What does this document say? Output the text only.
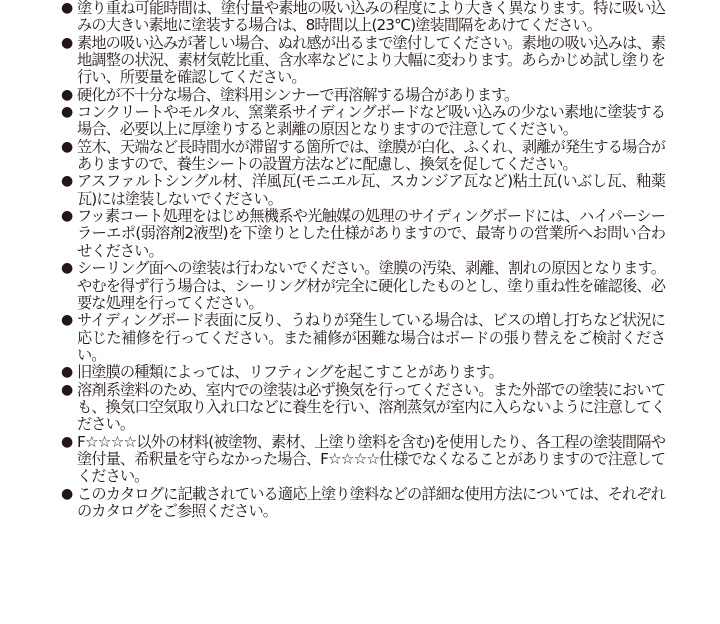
● 塗り重ね可能時間は、塗付量や素地の吸い込みの程度により大きく異なります。特に吸い込みの大きい素地に塗装する場合は、8時間以上(23℃)塗装間隔をあけてください。
● 素地の吸い込みが著しい場合、ぬれ感が出るまで塗付してください。素地の吸い込みは、素地調整の状況、素材気乾比重、含水率などにより大幅に変わります。あらかじめ試し塗りを行い、所要量を確認してください。
● 硬化が不十分な場合、塗料用シンナーで再溶解する場合があります。
● コンクリートやモルタル、窯業系サイディングボードなど吸い込みの少ない素地に塗装する場合、必要以上に厚塗りすると剥離の原因となりますので注意してください。
● 笠木、天端など長時間水が滞留する箇所では、塗膜が白化、ふくれ、剥離が発生する場合がありますので、養生シートの設置方法などに配慮し、換気を促してください。
● アスファルトシングル材、洋風瓦(モニエル瓦、スカンジア瓦など)粘土瓦(いぶし瓦、釉薬瓦)には塗装しないでください。
● フッ素コート処理をはじめ無機系や光触媒の処理のサイディングボードには、ハイパーシーラーエポ(弱溶剤2液型)を下塗りとした仕様がありますので、最寄りの営業所へお問い合わせください。
● シーリング面への塗装は行わないでください。塗膜の汚染、剥離、割れの原因となります。やむを得ず行う場合は、シーリング材が完全に硬化したものとし、塗り重ね性を確認後、必要な処理を行ってください。
● サイディングボード表面に反り、うねりが発生している場合は、ビスの増し打ちなど状況に応じた補修を行ってください。また補修が困難な場合はボードの張り替えをご検討ください。
● 旧塗膜の種類によっては、リフティングを起こすことがあります。
● 溶剤系塗料のため、室内での塗装は必ず換気を行ってください。また外部での塗装においても、換気口空気取り入れ口などに養生を行い、溶剤蒸気が室内に入らないように注意してください。
● F☆☆☆☆以外の材料(被塗物、素材、上塗り塗料を含む)を使用したり、各工程の塗装間隔や塗付量、希釈量を守らなかった場合、F☆☆☆☆仕様でなくなることがありますので注意してください。
● このカタログに記載されている適応上塗り塗料などの詳細な使用方法については、それぞれのカタログをご参照ください。
